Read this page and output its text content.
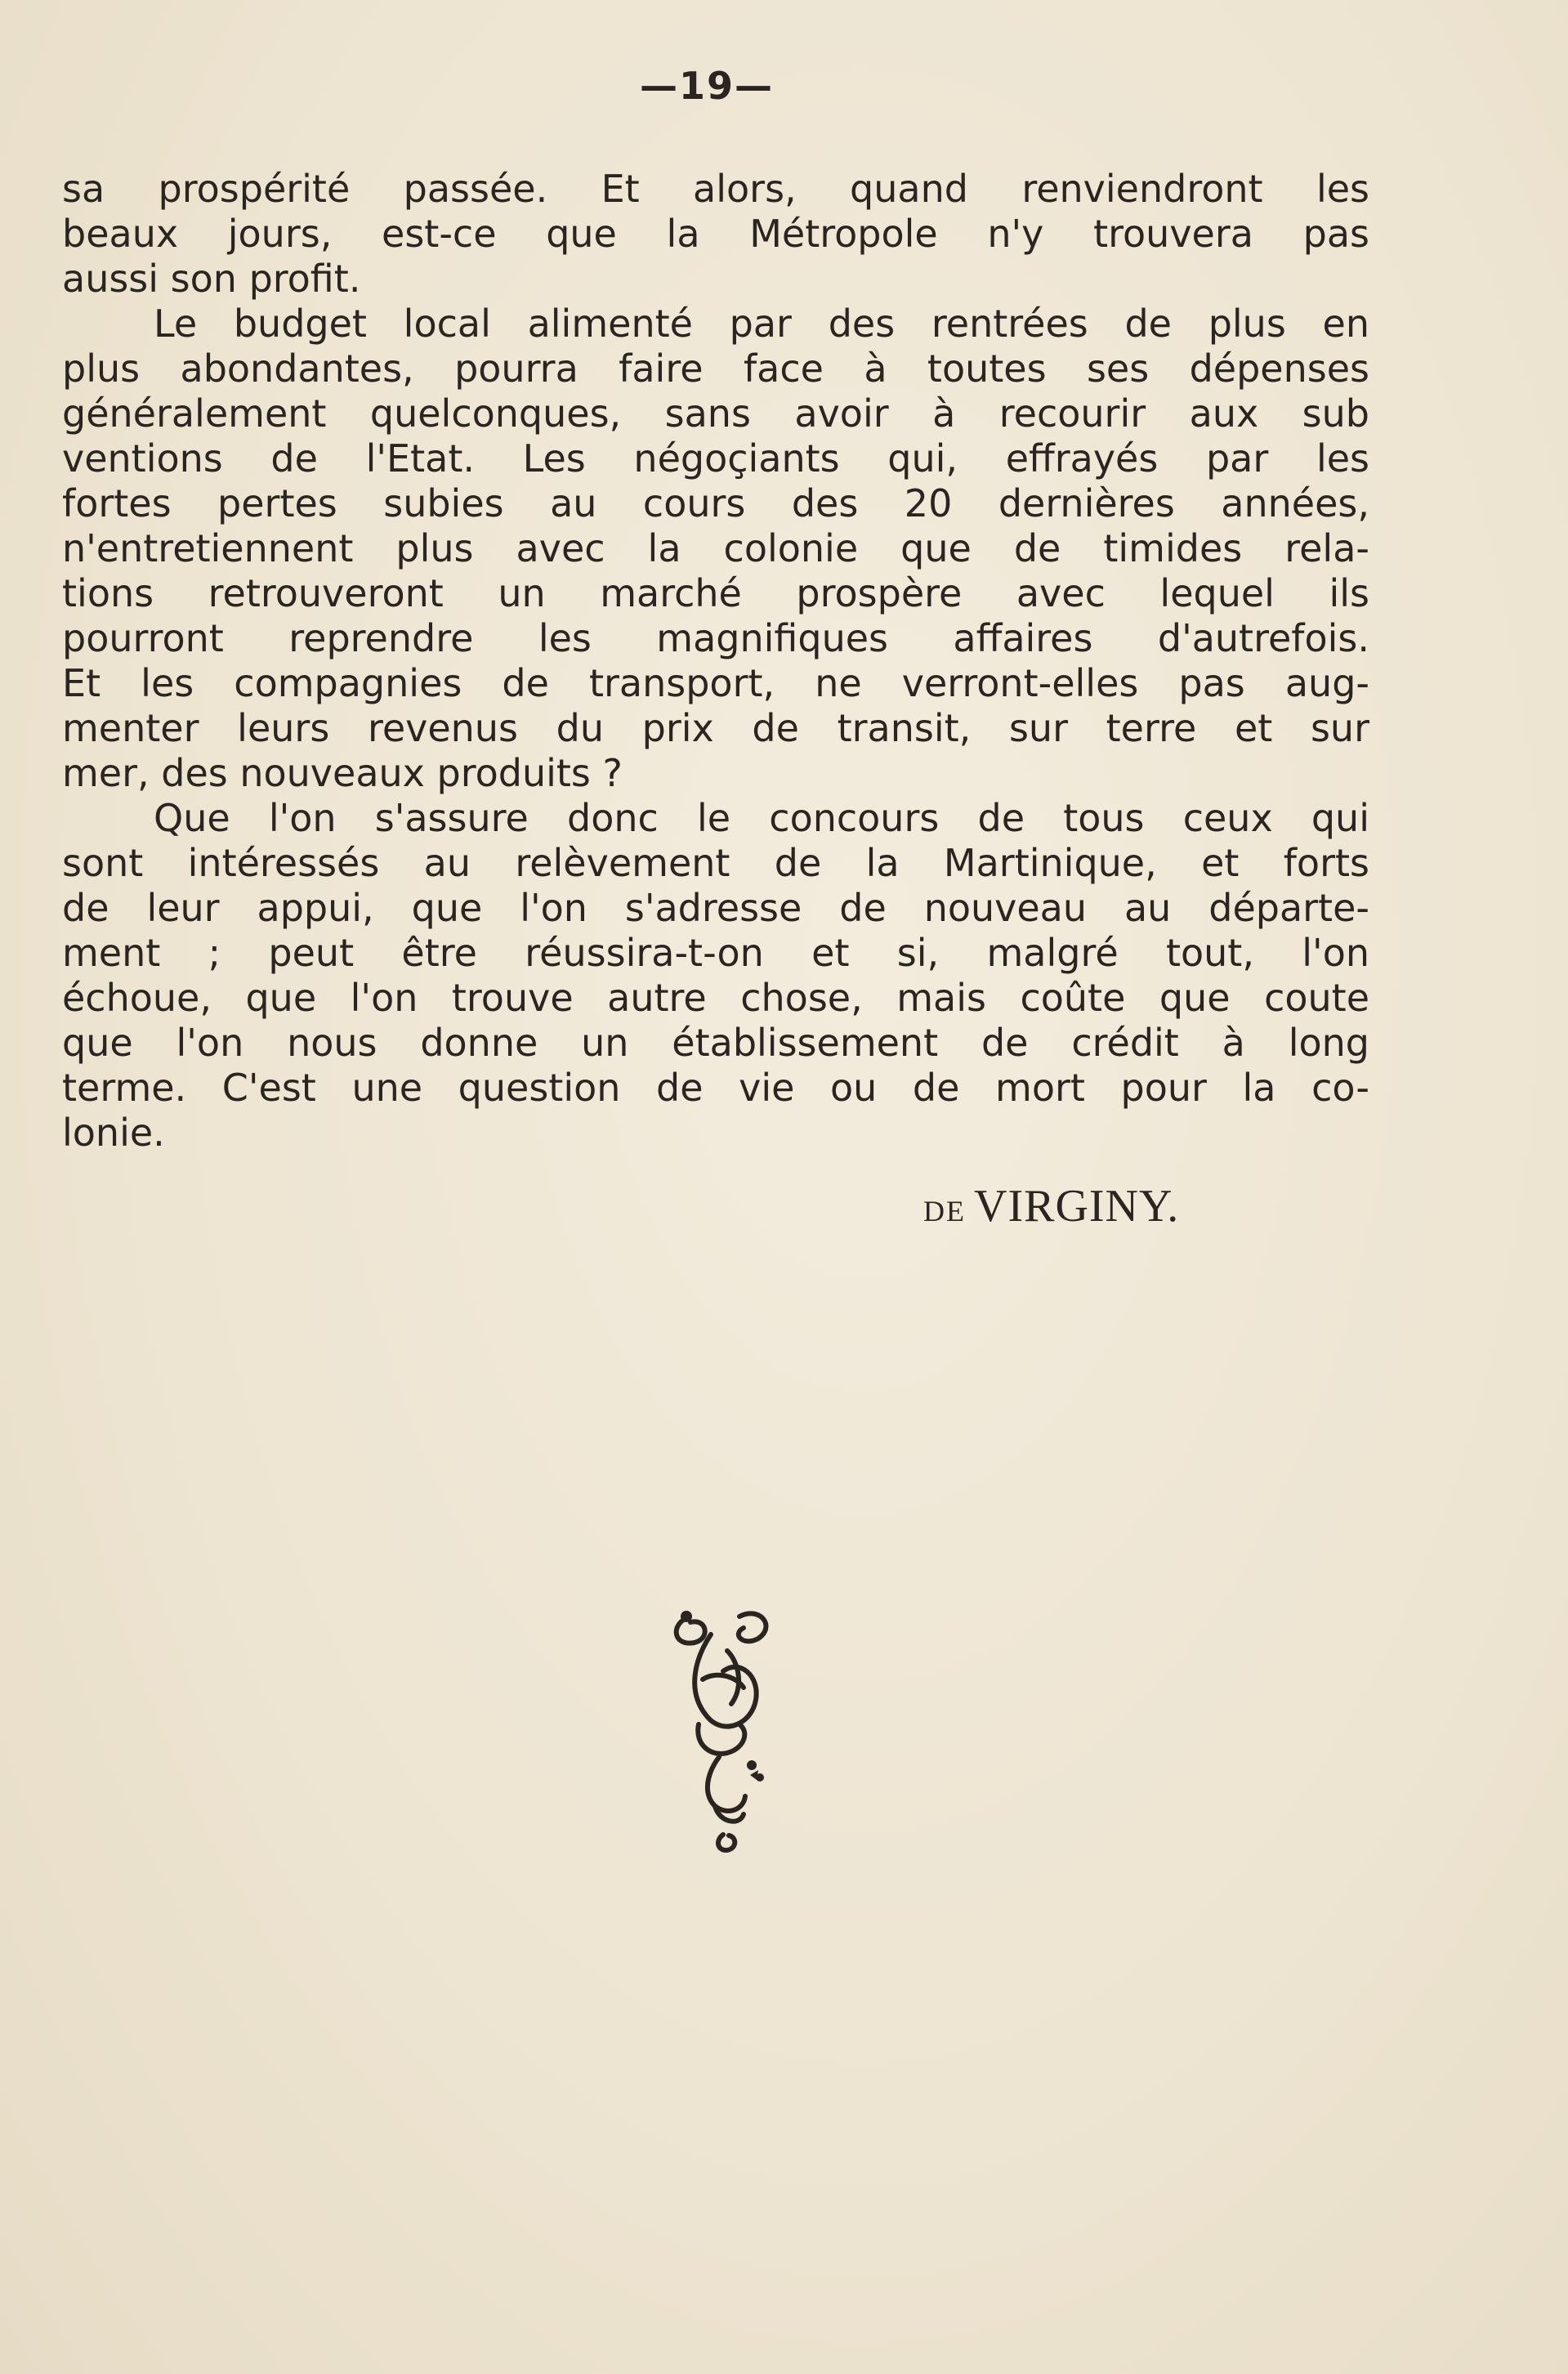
—19—
sa prospérité passée. Et alors, quand renviendront les
beaux jours, est-ce que la Métropole n'y trouvera pas
aussi son profit.
Le budget local alimenté par des rentrées de plus en
plus abondantes, pourra faire face à toutes ses dépenses
généralement quelconques, sans avoir à recourir aux sub
ventions de l'Etat. Les négoçiants qui, effrayés par les
fortes pertes subies au cours des 20 dernières années,
n'entretiennent plus avec la colonie que de timides rela-
tions retrouveront un marché prospère avec lequel ils
pourront reprendre les magnifiques affaires d'autrefois.
Et les compagnies de transport, ne verront-elles pas aug-
menter leurs revenus du prix de transit, sur terre et sur
mer, des nouveaux produits ?
Que l'on s'assure donc le concours de tous ceux qui
sont intéressés au relèvement de la Martinique, et forts
de leur appui, que l'on s'adresse de nouveau au départe-
ment ; peut être réussira-t-on et si, malgré tout, l'on
échoue, que l'on trouve autre chose, mais coûte que coute
que l'on nous donne un établissement de crédit à long
terme. C'est une question de vie ou de mort pour la co-
lonie.
DE VIRGINY.
